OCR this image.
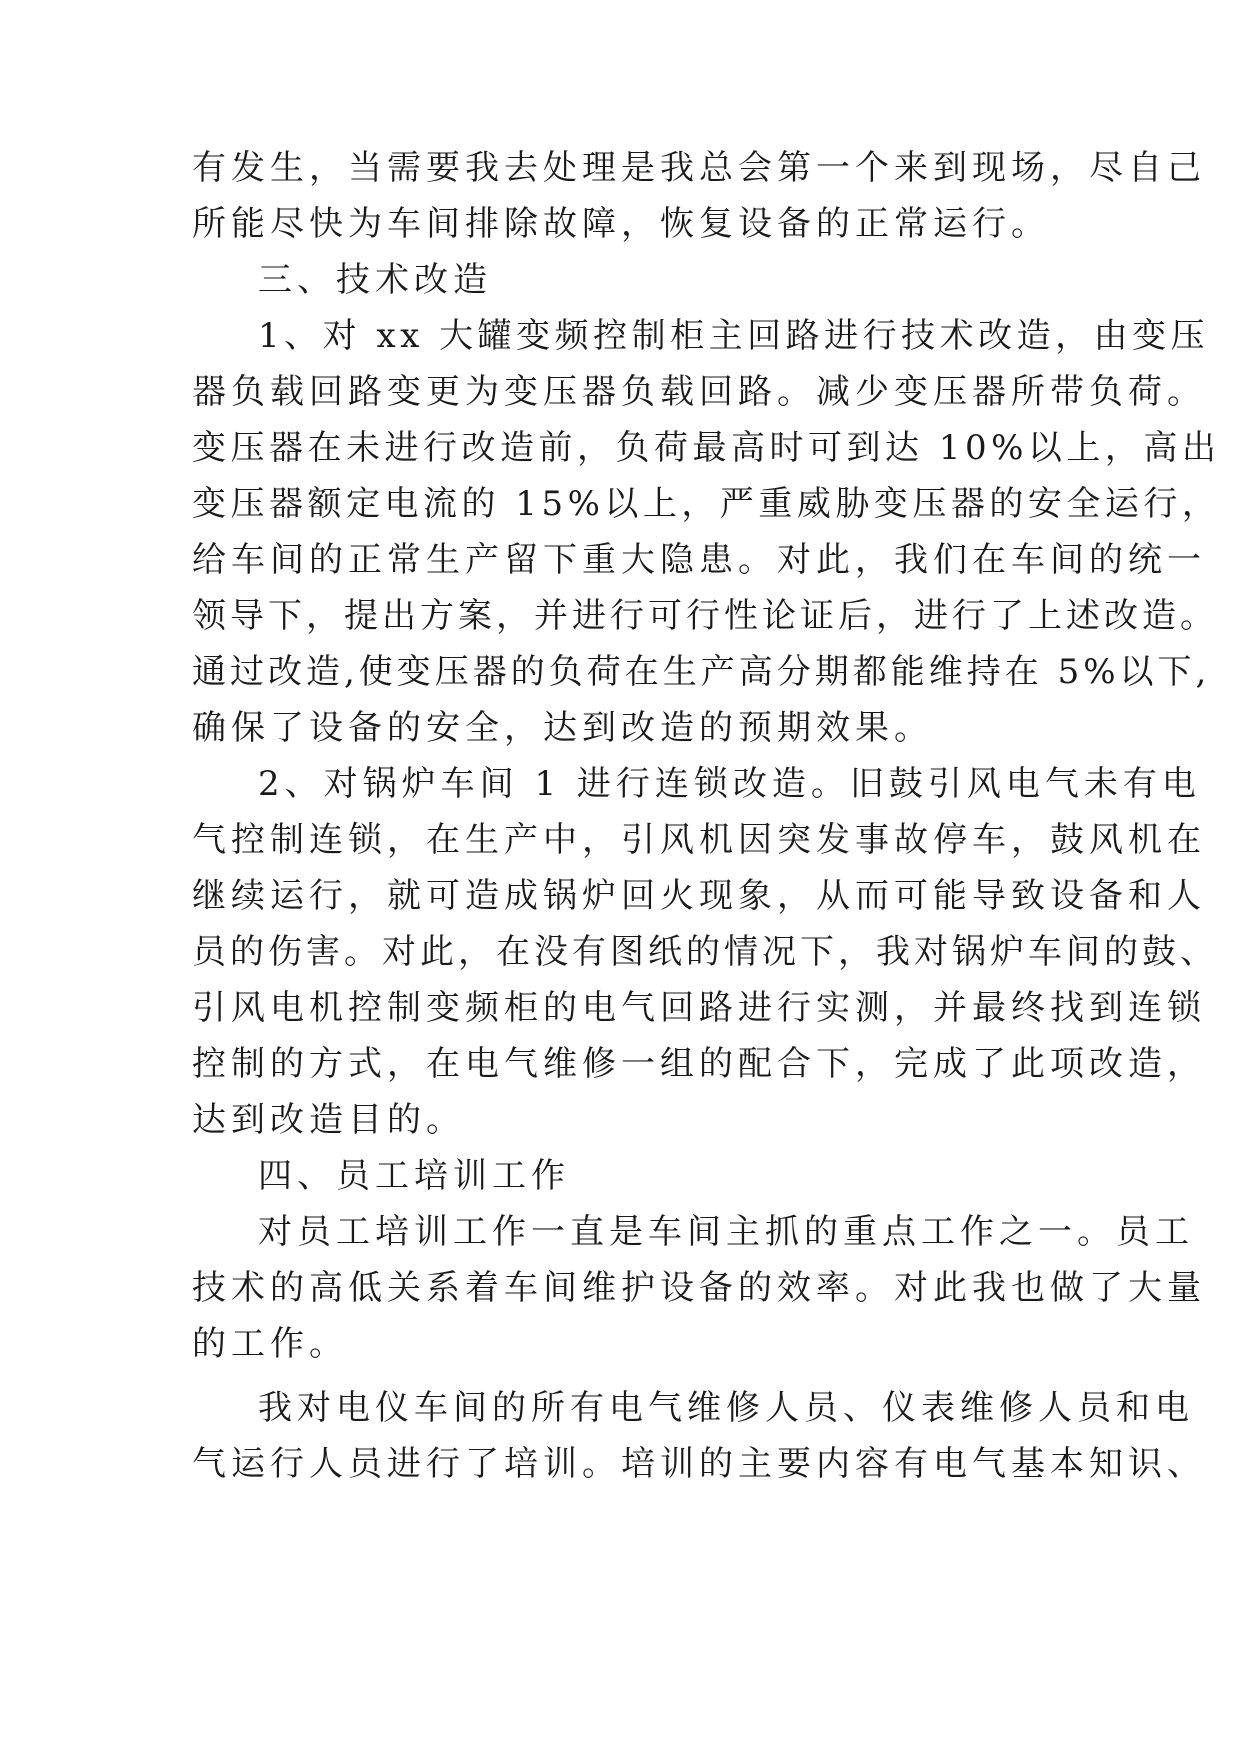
有发生，当需要我去处理是我总会第一个来到现场，尽自己
所能尽快为车间排除故障，恢复设备的正常运行。
三、技术改造
1、对 xx 大罐变频控制柜主回路进行技术改造，由变压
器负载回路变更为变压器负载回路。减少变压器所带负荷。
变压器在未进行改造前，负荷最高时可到达 10%以上，高出
变压器额定电流的 15%以上，严重威胁变压器的安全运行，
给车间的正常生产留下重大隐患。对此，我们在车间的统一
领导下，提出方案，并进行可行性论证后，进行了上述改造。
通过改造,使变压器的负荷在生产高分期都能维持在 5%以下,
确保了设备的安全，达到改造的预期效果。
2、对锅炉车间 1 进行连锁改造。旧鼓引风电气未有电
气控制连锁，在生产中，引风机因突发事故停车，鼓风机在
继续运行，就可造成锅炉回火现象，从而可能导致设备和人
员的伤害。对此，在没有图纸的情况下，我对锅炉车间的鼓、
引风电机控制变频柜的电气回路进行实测，并最终找到连锁
控制的方式，在电气维修一组的配合下，完成了此项改造，
达到改造目的。
四、员工培训工作
对员工培训工作一直是车间主抓的重点工作之一。员工
技术的高低关系着车间维护设备的效率。对此我也做了大量
的工作。
我对电仪车间的所有电气维修人员、仪表维修人员和电
气运行人员进行了培训。培训的主要内容有电气基本知识、
